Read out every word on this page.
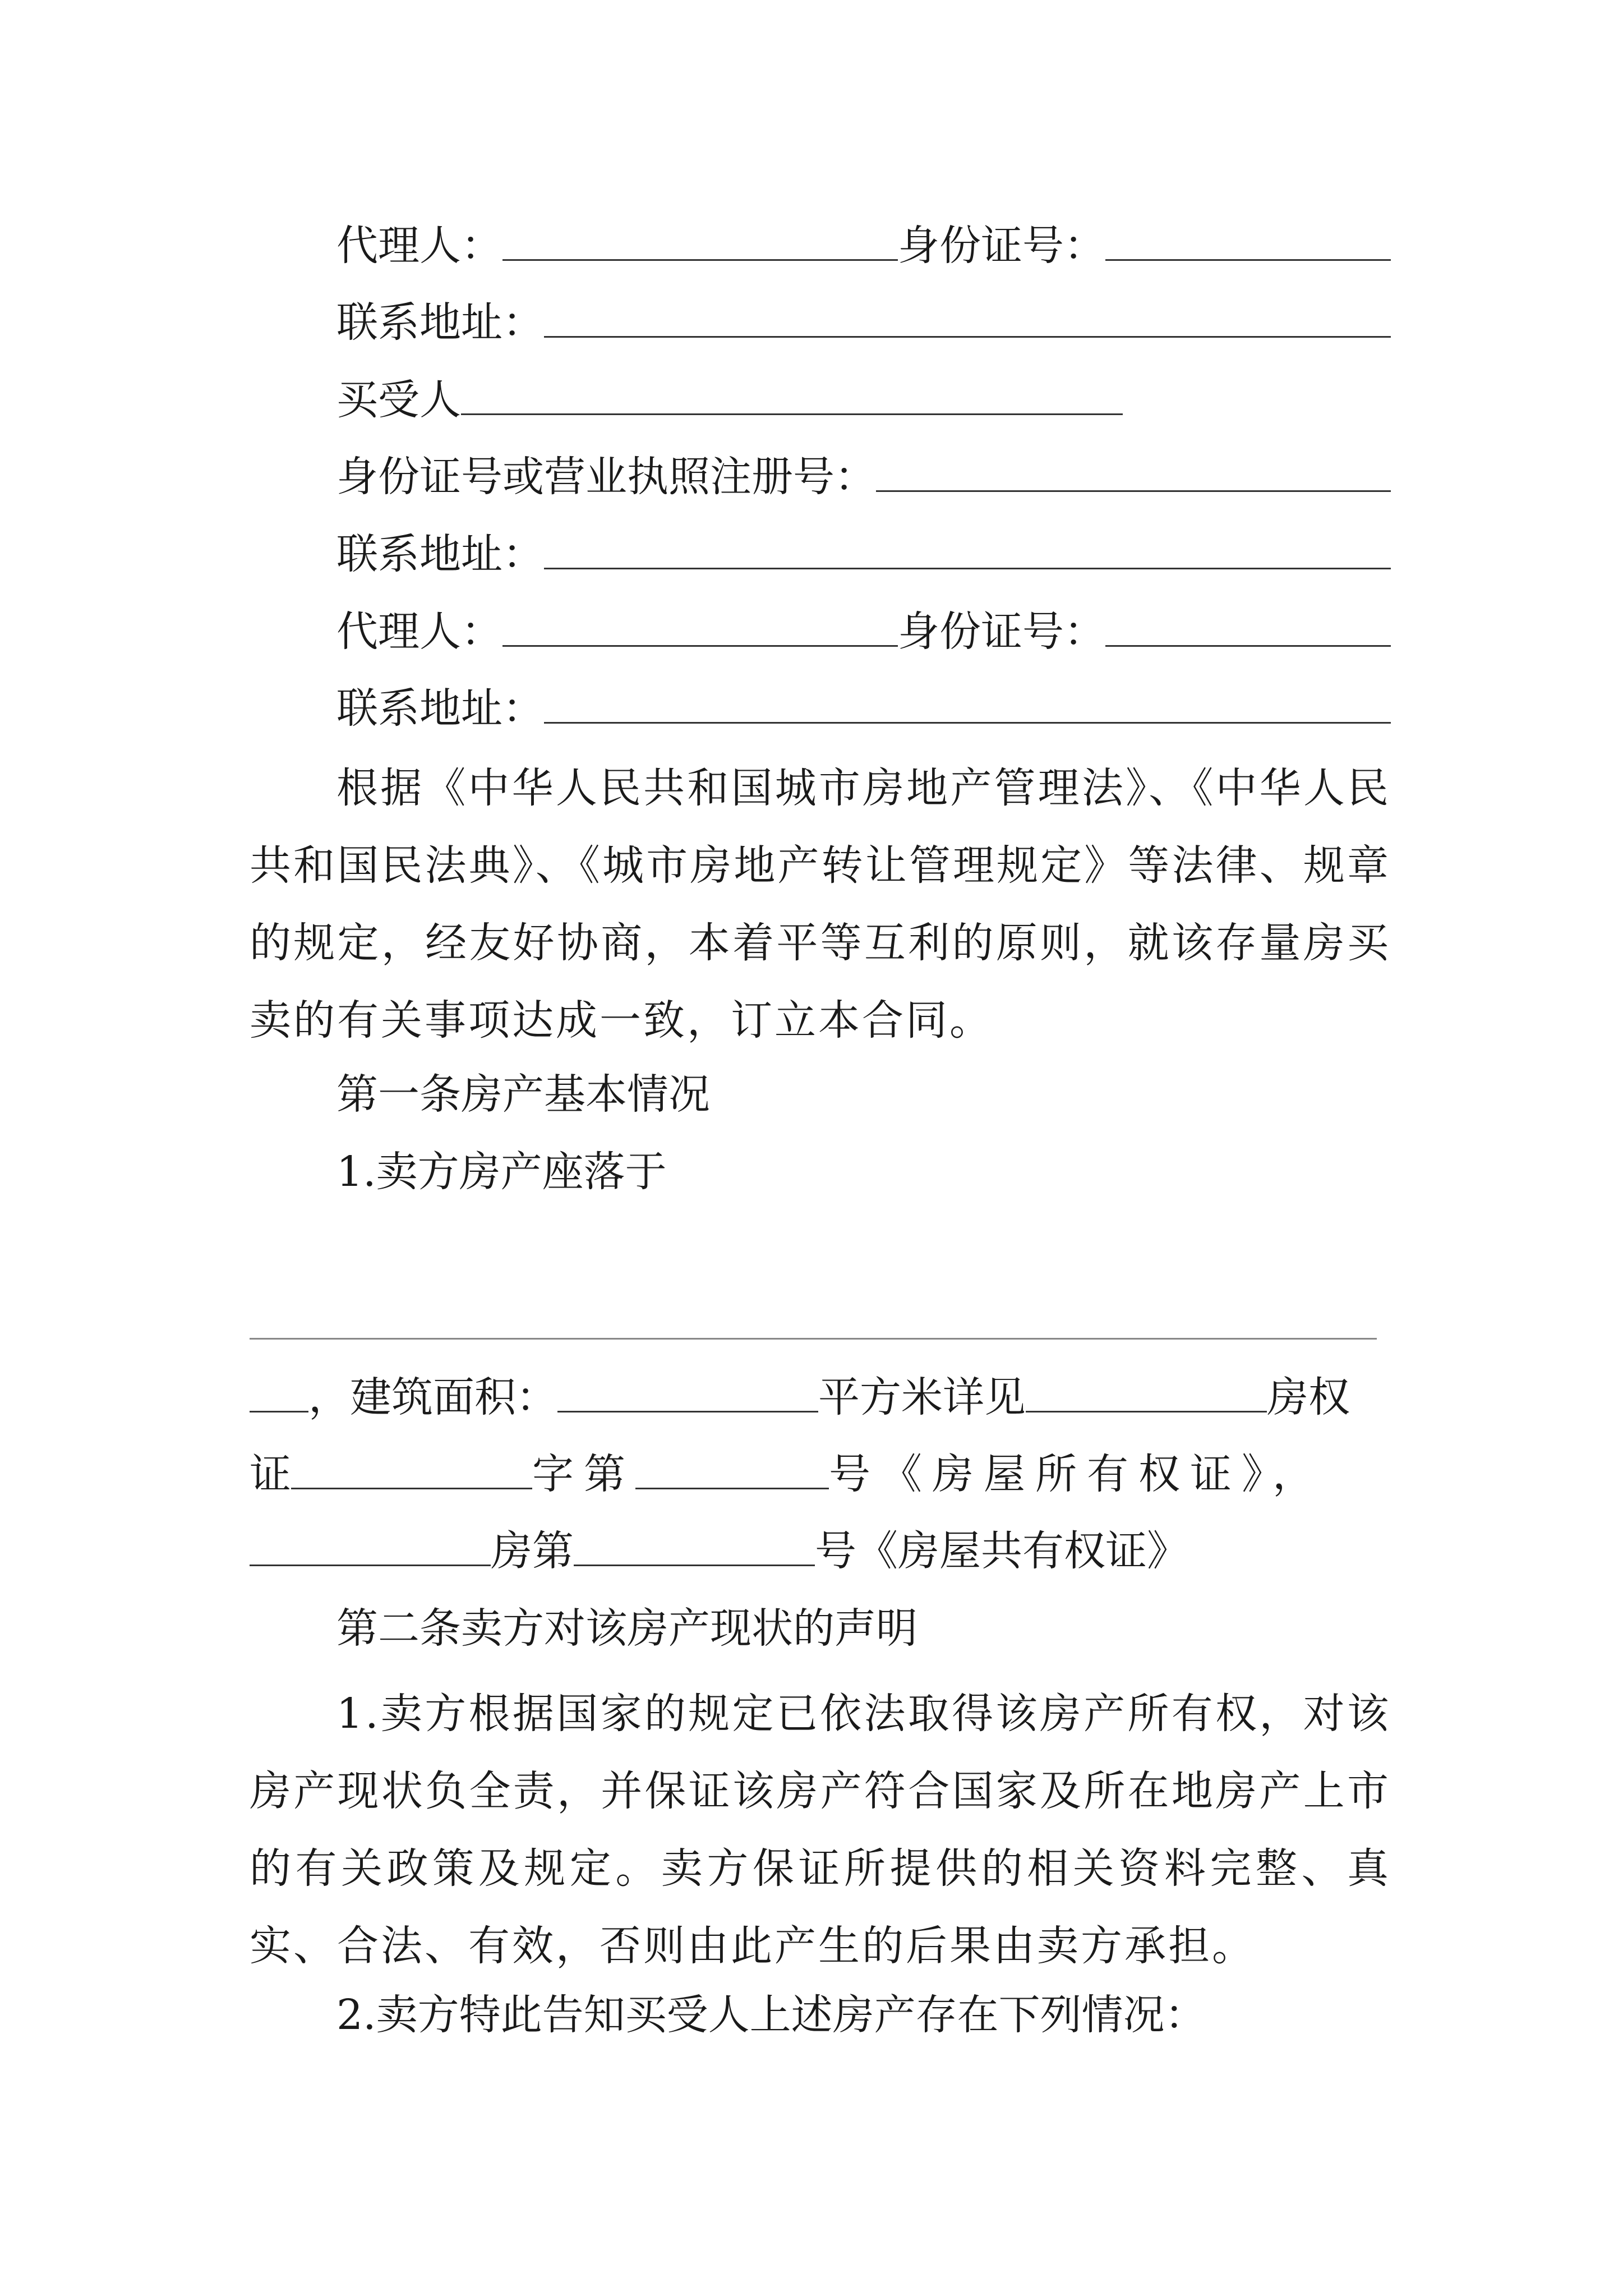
代理人：	身份证号：
联系地址：
买受人
身份证号或营业执照注册号：
联系地址：
代理人：	身份证号：
联系地址：
根据《中华人民共和国城市房地产管理法》、《中华人民共和国民法典》、《城市房地产转让管理规定》等法律、规章的规定，经友好协商，本着平等互利的原则，就该存量房买卖的有关事项达成一致，订立本合同。
第一条房产基本情况
1.卖方房产座落于
，建筑面积：	平方米详见	房权
证	字第	号《房屋所有权证》，
房第	号《房屋共有权证》
第二条卖方对该房产现状的声明
1.卖方根据国家的规定已依法取得该房产所有权，对该房产现状负全责，并保证该房产符合国家及所在地房产上市的有关政策及规定。卖方保证所提供的相关资料完整、真实、合法、有效，否则由此产生的后果由卖方承担。
2.卖方特此告知买受人上述房产存在下列情况：
